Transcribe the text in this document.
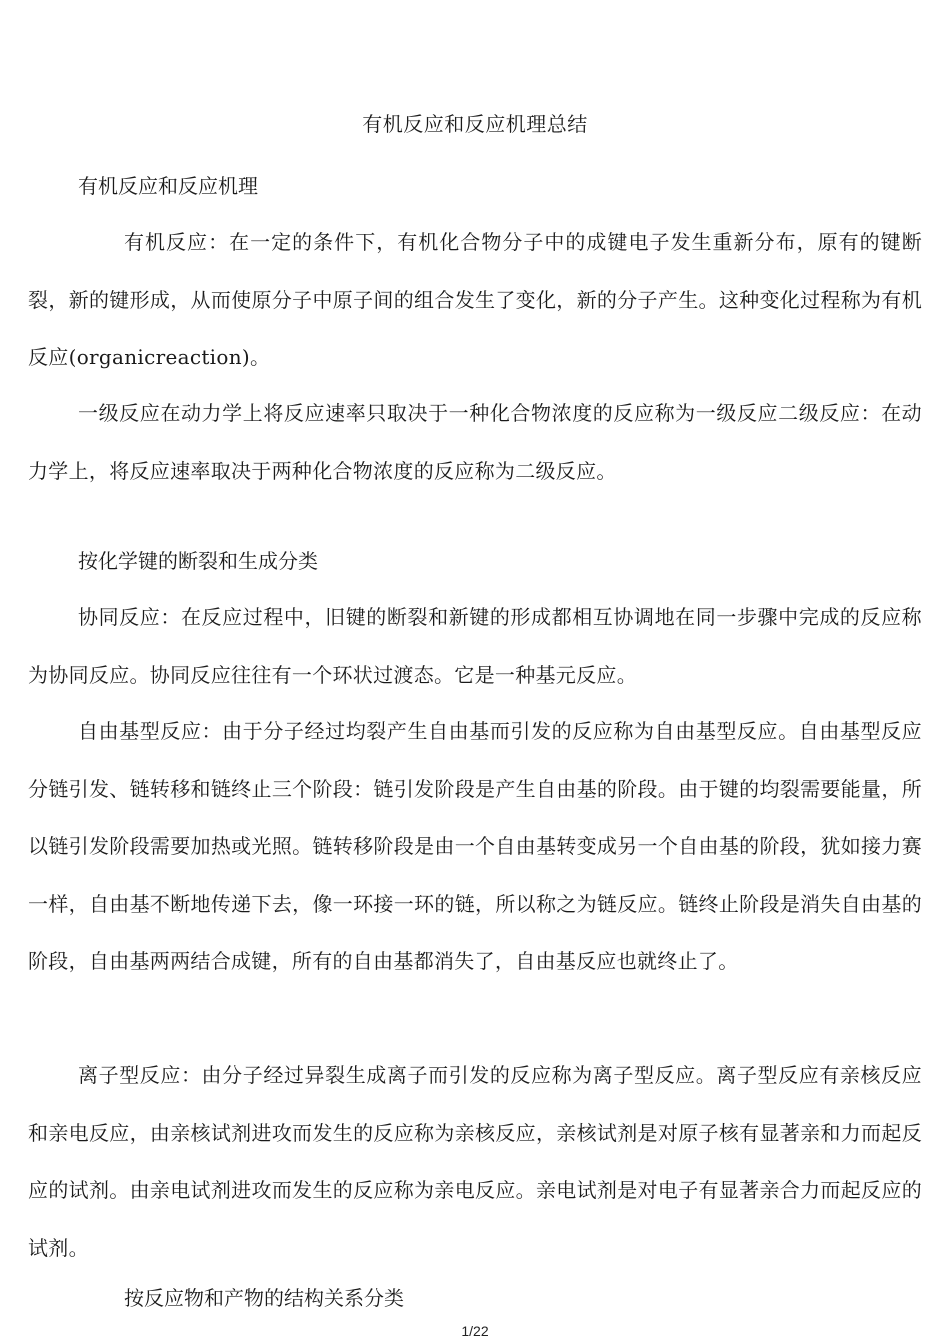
有机反应和反应机理总结
有机反应和反应机理

有机反应：在一定的条件下，有机化合物分子中的成键电子发生重新分布，原有的键断裂，新的键形成，从而使原分子中原子间的组合发生了变化，新的分子产生。这种变化过程称为有机反应(organicreaction)。

一级反应在动力学上将反应速率只取决于一种化合物浓度的反应称为一级反应二级反应：在动力学上，将反应速率取决于两种化合物浓度的反应称为二级反应。

按化学键的断裂和生成分类

协同反应：在反应过程中，旧键的断裂和新键的形成都相互协调地在同一步骤中完成的反应称为协同反应。协同反应往往有一个环状过渡态。它是一种基元反应。

自由基型反应：由于分子经过均裂产生自由基而引发的反应称为自由基型反应。自由基型反应分链引发、链转移和链终止三个阶段：链引发阶段是产生自由基的阶段。由于键的均裂需要能量，所以链引发阶段需要加热或光照。链转移阶段是由一个自由基转变成另一个自由基的阶段，犹如接力赛一样，自由基不断地传递下去，像一环接一环的链，所以称之为链反应。链终止阶段是消失自由基的阶段，自由基两两结合成键，所有的自由基都消失了，自由基反应也就终止了。

离子型反应：由分子经过异裂生成离子而引发的反应称为离子型反应。离子型反应有亲核反应和亲电反应，由亲核试剂进攻而发生的反应称为亲核反应，亲核试剂是对原子核有显著亲和力而起反应的试剂。由亲电试剂进攻而发生的反应称为亲电反应。亲电试剂是对电子有显著亲合力而起反应的试剂。

按反应物和产物的结构关系分类
1/22
